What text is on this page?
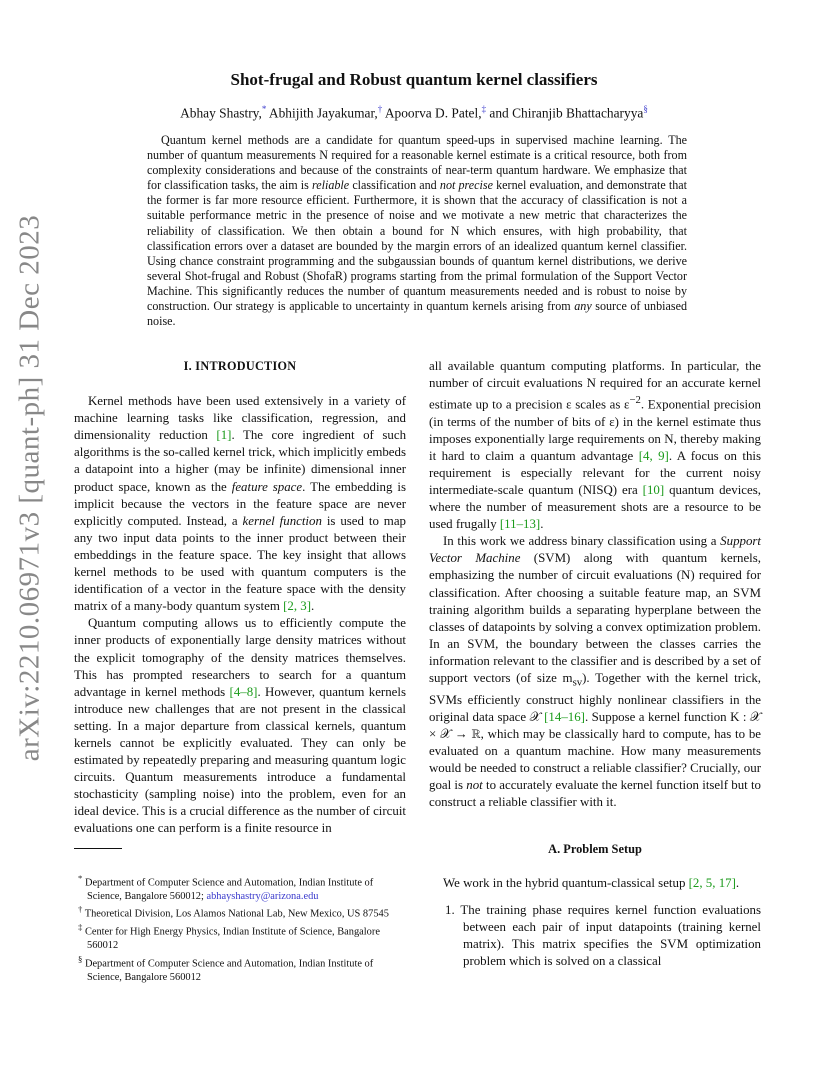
arXiv:2210.06971v3 [quant-ph] 31 Dec 2023
Shot-frugal and Robust quantum kernel classifiers
Abhay Shastry,* Abhijith Jayakumar,† Apoorva D. Patel,‡ and Chiranjib Bhattacharyya§
Quantum kernel methods are a candidate for quantum speed-ups in supervised machine learning. The number of quantum measurements N required for a reasonable kernel estimate is a critical resource, both from complexity considerations and because of the constraints of near-term quantum hardware. We emphasize that for classification tasks, the aim is reliable classification and not precise kernel evaluation, and demonstrate that the former is far more resource efficient. Furthermore, it is shown that the accuracy of classification is not a suitable performance metric in the presence of noise and we motivate a new metric that characterizes the reliability of classification. We then obtain a bound for N which ensures, with high probability, that classification errors over a dataset are bounded by the margin errors of an idealized quantum kernel classifier. Using chance constraint programming and the subgaussian bounds of quantum kernel distributions, we derive several Shot-frugal and Robust (ShofaR) programs starting from the primal formulation of the Support Vector Machine. This significantly reduces the number of quantum measurements needed and is robust to noise by construction. Our strategy is applicable to uncertainty in quantum kernels arising from any source of unbiased noise.
I. INTRODUCTION

Kernel methods have been used extensively in a variety of machine learning tasks like classification, regression, and dimensionality reduction [1]. The core ingredient of such algorithms is the so-called kernel trick, which implicitly embeds a datapoint into a higher (may be infinite) dimensional inner product space, known as the feature space. The embedding is implicit because the vectors in the feature space are never explicitly computed. Instead, a kernel function is used to map any two input data points to the inner product between their embeddings in the feature space. The key insight that allows kernel methods to be used with quantum computers is the identification of a vector in the feature space with the density matrix of a many-body quantum system [2, 3].

Quantum computing allows us to efficiently compute the inner products of exponentially large density matrices without the explicit tomography of the density matrices themselves. This has prompted researchers to search for a quantum advantage in kernel methods [4–8]. However, quantum kernels introduce new challenges that are not present in the classical setting. In a major departure from classical kernels, quantum kernels cannot be explicitly evaluated. They can only be estimated by repeatedly preparing and measuring quantum logic circuits. Quantum measurements introduce a fundamental stochasticity (sampling noise) into the problem, even for an ideal device. This is a crucial difference as the number of circuit evaluations one can perform is a finite resource in

all available quantum computing platforms. In particular, the number of circuit evaluations N required for an accurate kernel estimate up to a precision ε scales as $\varepsilon^{-2}$. Exponential precision (in terms of the number of bits of ε) in the kernel estimate thus imposes exponentially large requirements on N, thereby making it hard to claim a quantum advantage [4, 9]. A focus on this requirement is especially relevant for the current noisy intermediate-scale quantum (NISQ) era [10] quantum devices, where the number of measurement shots are a resource to be used frugally [11–13].

In this work we address binary classification using a Support Vector Machine (SVM) along with quantum kernels, emphasizing the number of circuit evaluations (N) required for classification. After choosing a suitable feature map, an SVM training algorithm builds a separating hyperplane between the classes of datapoints by solving a convex optimization problem. In an SVM, the boundary between the classes carries the information relevant to the classifier and is described by a set of support vectors (of size $m_{sv}$). Together with the kernel trick, SVMs efficiently construct highly nonlinear classifiers in the original data space 𝒳 [14–16]. Suppose a kernel function K : 𝒳 × 𝒳 → ℝ, which may be classically hard to compute, has to be evaluated on a quantum machine. How many measurements would be needed to construct a reliable classifier? Crucially, our goal is not to accurately evaluate the kernel function itself but to construct a reliable classifier with it.

* Department of Computer Science and Automation, Indian Institute of Science, Bangalore 560012; abhayshastry@arizona.edu

† Theoretical Division, Los Alamos National Lab, New Mexico, US 87545

‡ Center for High Energy Physics, Indian Institute of Science, Bangalore 560012

§ Department of Computer Science and Automation, Indian Institute of Science, Bangalore 560012

A. Problem Setup

We work in the hybrid quantum-classical setup [2, 5, 17].

1. The training phase requires kernel function evaluations between each pair of input datapoints (training kernel matrix). This matrix specifies the SVM optimization problem which is solved on a classical
